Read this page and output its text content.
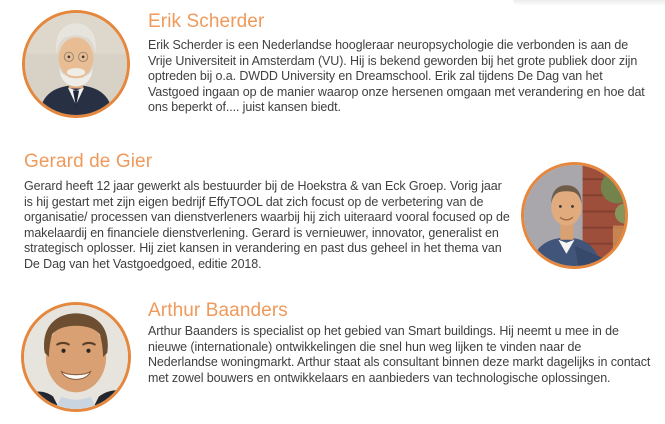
Erik Scherder

Erik Scherder is een Nederlandse hoogleraar neuropsychologie die verbonden is aan de Vrije Universiteit in Amsterdam (VU). Hij is bekend geworden bij het grote publiek door zijn optreden bij o.a. DWDD University en Dreamschool. Erik zal tijdens De Dag van het Vastgoed ingaan op de manier waarop onze hersenen omgaan met verandering en hoe dat ons beperkt of.... juist kansen biedt.

Gerard de Gier

Gerard heeft 12 jaar gewerkt als bestuurder bij de Hoekstra & van Eck Groep. Vorig jaar is hij gestart met zijn eigen bedrijf EffyTOOL dat zich focust op de verbetering van de organisatie/ processen van dienstverleners waarbij hij zich uiteraard vooral focused op de makelaardij en financiele dienstverlening. Gerard is vernieuwer, innovator, generalist en strategisch oplosser. Hij ziet kansen in verandering en past dus geheel in het thema van De Dag van het Vastgoedgoed, editie 2018.

Arthur Baanders

Arthur Baanders is specialist op het gebied van Smart buildings. Hij neemt u mee in de nieuwe (internationale) ontwikkelingen die snel hun weg lijken te vinden naar de Nederlandse woningmarkt. Arthur staat als consultant binnen deze markt dagelijks in contact met zowel bouwers en ontwikkelaars en aanbieders van technologische oplossingen.
